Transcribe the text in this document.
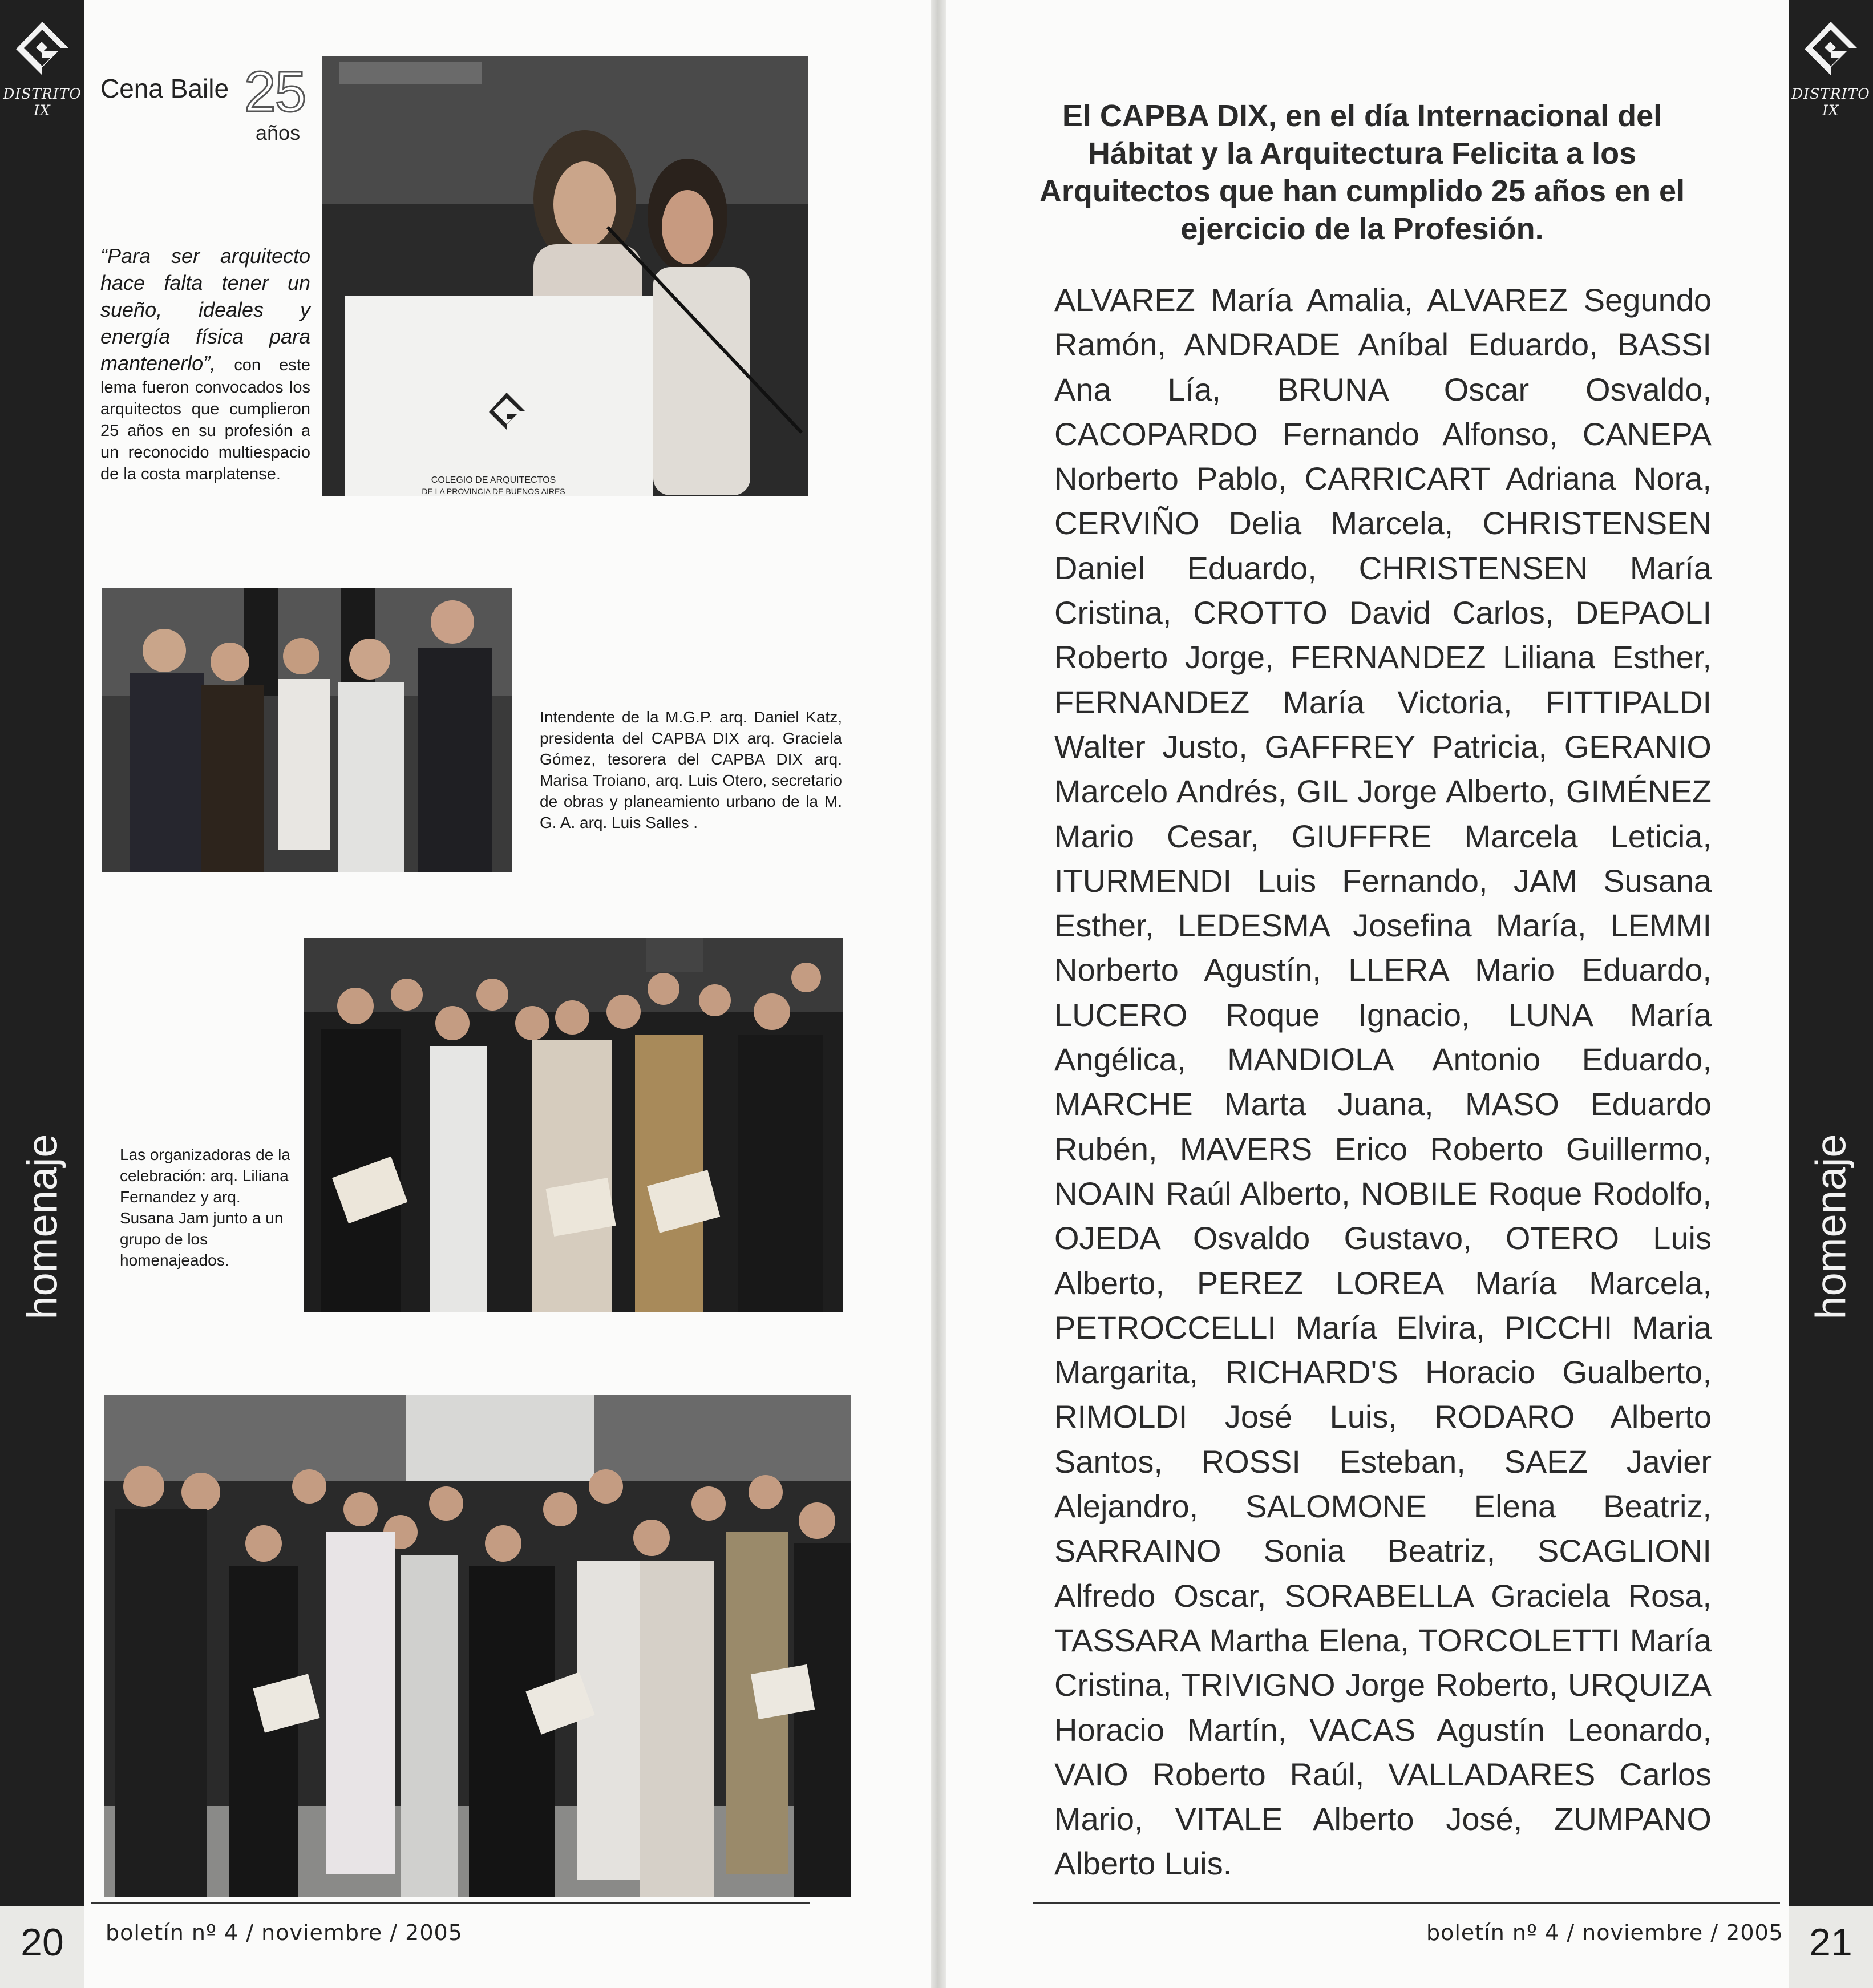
DISTRITO IX
homenaje
20
DISTRITO IX
homenaje
21
Cena Baile 25
años
“Para ser arquitecto hace falta tener un sueño, ideales y energía física para mantenerlo”, con este lema fueron convocados los arquitectos que cumplieron 25 años en su profesión a un reconocido multiespacio de la costa marplatense.	COLEGIO DE ARQUITECTOS
DE LA PROVINCIA DE BUENOS AIRES
Intendente de la M.G.P. arq. Daniel Katz, presidenta del CAPBA DIX arq. Graciela Gómez, tesorera del CAPBA DIX arq. Marisa Troiano, arq. Luis Otero, secretario de obras y planeamiento urbano de la M. G. A. arq. Luis Salles .
Las organizadoras de la celebración: arq. Liliana Fernandez y arq. Susana Jam junto a un grupo de los homenajeados.
boletín nº 4 / noviembre / 2005
El CAPBA DIX, en el día Internacional del Hábitat y la Arquitectura Felicita a los Arquitectos que han cumplido 25 años en el ejercicio de la Profesión.
ALVAREZ María Amalia, ALVAREZ Segundo Ramón, ANDRADE Aníbal Eduardo, BASSI Ana Lía, BRUNA Oscar Osvaldo, CACOPARDO Fernando Alfonso, CANEPA Norberto Pablo, CARRICART Adriana Nora, CERVIÑO Delia Marcela, CHRISTENSEN Daniel Eduardo, CHRISTENSEN María Cristina, CROTTO David Carlos, DEPAOLI Roberto Jorge, FERNANDEZ Liliana Esther, FERNANDEZ María Victoria, FITTIPALDI Walter Justo, GAFFREY Patricia, GERANIO Marcelo Andrés, GIL Jorge Alberto, GIMÉNEZ Mario Cesar, GIUFFRE Marcela Leticia, ITURMENDI Luis Fernando, JAM Susana Esther, LEDESMA Josefina María, LEMMI Norberto Agustín, LLERA Mario Eduardo, LUCERO Roque Ignacio, LUNA María Angélica, MANDIOLA Antonio Eduardo, MARCHE Marta Juana, MASO Eduardo Rubén, MAVERS Erico Roberto Guillermo, NOAIN Raúl Alberto, NOBILE Roque Rodolfo, OJEDA Osvaldo Gustavo, OTERO Luis Alberto, PEREZ LOREA María Marcela, PETROCCELLI María Elvira, PICCHI Maria Margarita, RICHARD'S Horacio Gualberto, RIMOLDI José Luis, RODARO Alberto Santos, ROSSI Esteban, SAEZ Javier Alejandro, SALOMONE Elena Beatriz, SARRAINO Sonia Beatriz, SCAGLIONI Alfredo Oscar, SORABELLA Graciela Rosa, TASSARA Martha Elena, TORCOLETTI María Cristina, TRIVIGNO Jorge Roberto, URQUIZA Horacio Martín, VACAS Agustín Leonardo, VAIO Roberto Raúl, VALLADARES Carlos Mario, VITALE Alberto José, ZUMPANO Alberto Luis.
boletín nº 4 / noviembre / 2005
